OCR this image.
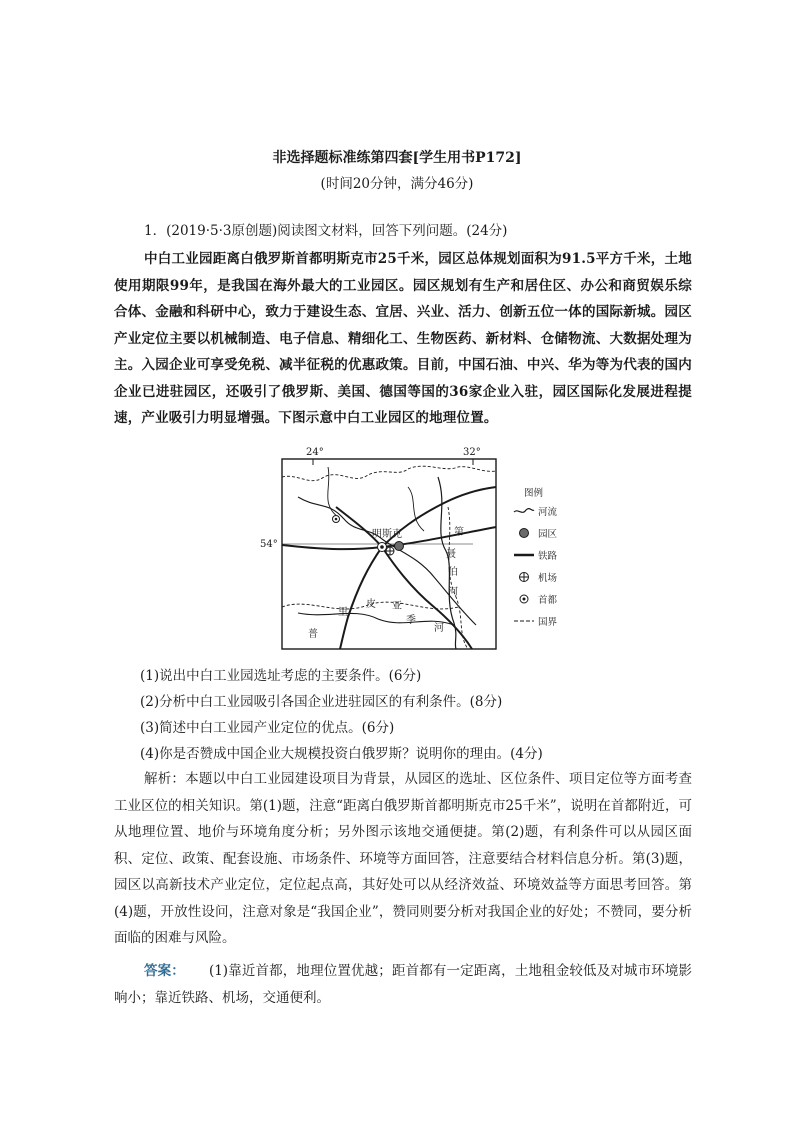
非选择题标准练第四套[学生用书P172]
(时间20分钟，满分46分)

1．(2019·5·3原创题)阅读图文材料，回答下列问题。(24分)

中白工业园距离白俄罗斯首都明斯克市25千米，园区总体规划面积为91.5平方千米，土地使用期限99年，是我国在海外最大的工业园区。园区规划有生产和居住区、办公和商贸娱乐综合体、金融和科研中心，致力于建设生态、宜居、兴业、活力、创新五位一体的国际新城。园区产业定位主要以机械制造、电子信息、精细化工、生物医药、新材料、仓储物流、大数据处理为主。入园企业可享受免税、减半征税的优惠政策。目前，中国石油、中兴、华为等为代表的国内企业已进驻园区，还吸引了俄罗斯、美国、德国等国的36家企业入驻，园区国际化发展进程提速，产业吸引力明显增强。下图示意中白工业园区的地理位置。

24°	32°
54°
明斯克	第
聂
伯
河
里
皮 亚
季
河
普
图例
河流
园区
铁路
机场
首都
国界
(1)说出中白工业园选址考虑的主要条件。(6分)
(2)分析中白工业园吸引各国企业进驻园区的有利条件。(8分)
(3)简述中白工业园产业定位的优点。(6分)
(4)你是否赞成中国企业大规模投资白俄罗斯？说明你的理由。(4分)

解析：本题以中白工业园建设项目为背景，从园区的选址、区位条件、项目定位等方面考查工业区位的相关知识。第(1)题，注意“距离白俄罗斯首都明斯克市25千米”，说明在首都附近，可从地理位置、地价与环境角度分析；另外图示该地交通便捷。第(2)题，有利条件可以从园区面积、定位、政策、配套设施、市场条件、环境等方面回答，注意要结合材料信息分析。第(3)题，园区以高新技术产业定位，定位起点高，其好处可以从经济效益、环境效益等方面思考回答。第(4)题，开放性设问，注意对象是“我国企业”，赞同则要分析对我国企业的好处；不赞同，要分析面临的困难与风险。

答案： (1)靠近首都，地理位置优越；距首都有一定距离，土地租金较低及对城市环境影响小；靠近铁路、机场，交通便利。
